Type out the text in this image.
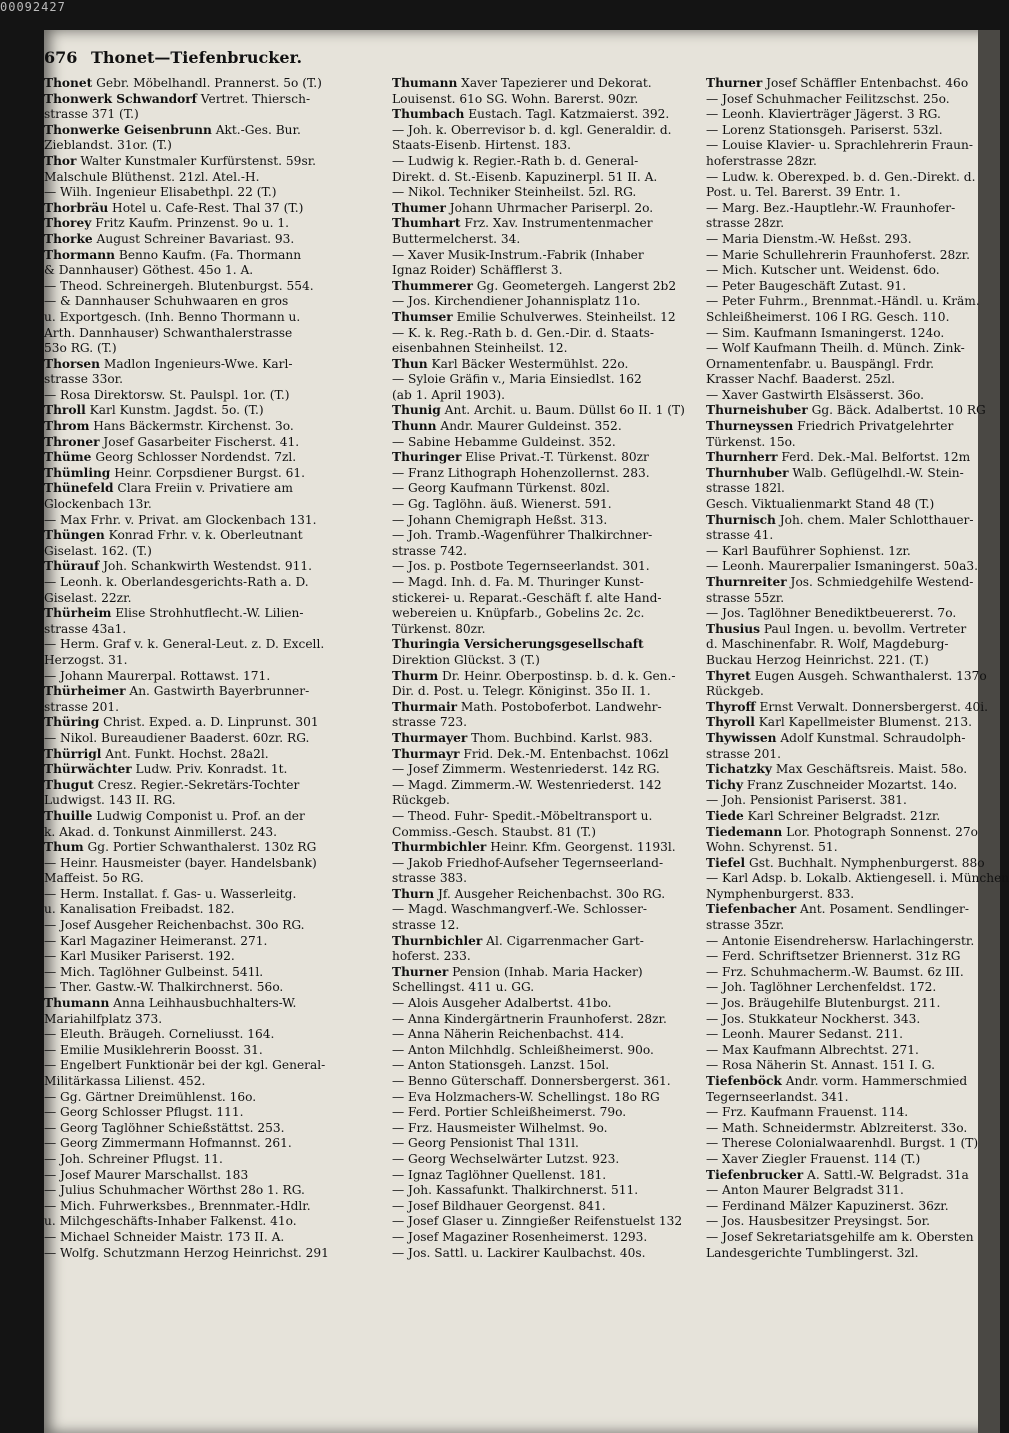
00092427
676 Thonet—Tiefenbrucker.
Thonet Gebr. Möbelhandl. Prannerst. 5o (T.)
Thonwerk Schwandorf Vertret. Thiersch-
strasse 371 (T.)
Thonwerke Geisenbrunn Akt.-Ges. Bur.
Zieblandst. 31or. (T.)
Thor Walter Kunstmaler Kurfürstenst. 59sr.
Malschule Blüthenst. 21zl. Atel.-H.
— Wilh. Ingenieur Elisabethpl. 22 (T.)
Thorbräu Hotel u. Cafe-Rest. Thal 37 (T.)
Thorey Fritz Kaufm. Prinzenst. 9o u. 1.
Thorke August Schreiner Bavariast. 93.
Thormann Benno Kaufm. (Fa. Thormann
& Dannhauser) Göthest. 45o 1. A.
— Theod. Schreinergeh. Blutenburgst. 554.
— & Dannhauser Schuhwaaren en gros
u. Exportgesch. (Inh. Benno Thormann u.
Arth. Dannhauser) Schwanthalerstrasse
53o RG. (T.)
Thorsen Madlon Ingenieurs-Wwe. Karl-
strasse 33or.
— Rosa Direktorsw. St. Paulspl. 1or. (T.)
Throll Karl Kunstm. Jagdst. 5o. (T.)
Throm Hans Bäckermstr. Kirchenst. 3o.
Throner Josef Gasarbeiter Fischerst. 41.
Thüme Georg Schlosser Nordendst. 7zl.
Thümling Heinr. Corpsdiener Burgst. 61.
Thünefeld Clara Freiin v. Privatiere am
Glockenbach 13r.
— Max Frhr. v. Privat. am Glockenbach 131.
Thüngen Konrad Frhr. v. k. Oberleutnant
Giselast. 162. (T.)
Thürauf Joh. Schankwirth Westendst. 911.
— Leonh. k. Oberlandesgerichts-Rath a. D.
Giselast. 22zr.
Thürheim Elise Strohhutflecht.-W. Lilien-
strasse 43a1.
— Herm. Graf v. k. General-Leut. z. D. Excell.
Herzogst. 31.
— Johann Maurerpal. Rottawst. 171.
Thürheimer An. Gastwirth Bayerbrunner-
strasse 201.
Thüring Christ. Exped. a. D. Linprunst. 301
— Nikol. Bureaudiener Baaderst. 60zr. RG.
Thürrigl Ant. Funkt. Hochst. 28a2l.
Thürwächter Ludw. Priv. Konradst. 1t.
Thugut Cresz. Regier.-Sekretärs-Tochter
Ludwigst. 143 II. RG.
Thuille Ludwig Componist u. Prof. an der
k. Akad. d. Tonkunst Ainmillerst. 243.
Thum Gg. Portier Schwanthalerst. 130z RG
— Heinr. Hausmeister (bayer. Handelsbank)
Maffeist. 5o RG.
— Herm. Installat. f. Gas- u. Wasserleitg.
u. Kanalisation Freibadst. 182.
— Josef Ausgeher Reichenbachst. 30o RG.
— Karl Magaziner Heimeranst. 271.
— Karl Musiker Pariserst. 192.
— Mich. Taglöhner Gulbeinst. 541l.
— Ther. Gastw.-W. Thalkirchnerst. 56o.
Thumann Anna Leihhausbuchhalters-W.
Mariahilfplatz 373.
— Eleuth. Bräugeh. Corneliusst. 164.
— Emilie Musiklehrerin Boosst. 31.
— Engelbert Funktionär bei der kgl. General-
Militärkassa Lilienst. 452.
— Gg. Gärtner Dreimühlenst. 16o.
— Georg Schlosser Pflugst. 111.
— Georg Taglöhner Schießstättst. 253.
— Georg Zimmermann Hofmannst. 261.
— Joh. Schreiner Pflugst. 11.
— Josef Maurer Marschallst. 183
— Julius Schuhmacher Wörthst 28o 1. RG.
— Mich. Fuhrwerksbes., Brennmater.-Hdlr.
u. Milchgeschäfts-Inhaber Falkenst. 41o.
— Michael Schneider Maistr. 173 II. A.
— Wolfg. Schutzmann Herzog Heinrichst. 291
Thumann Xaver Tapezierer und Dekorat.
Louisenst. 61o SG. Wohn. Barerst. 90zr.
Thumbach Eustach. Tagl. Katzmaierst. 392.
— Joh. k. Oberrevisor b. d. kgl. Generaldir. d.
Staats-Eisenb. Hirtenst. 183.
— Ludwig k. Regier.-Rath b. d. General-
Direkt. d. St.-Eisenb. Kapuzinerpl. 51 II. A.
— Nikol. Techniker Steinheilst. 5zl. RG.
Thumer Johann Uhrmacher Pariserpl. 2o.
Thumhart Frz. Xav. Instrumentenmacher
Buttermelcherst. 34.
— Xaver Musik-Instrum.-Fabrik (Inhaber
Ignaz Roider) Schäfflerst 3.
Thummerer Gg. Geometergeh. Langerst 2b2
— Jos. Kirchendiener Johannisplatz 11o.
Thumser Emilie Schulverwes. Steinheilst. 12
— K. k. Reg.-Rath b. d. Gen.-Dir. d. Staats-
eisenbahnen Steinheilst. 12.
Thun Karl Bäcker Westermühlst. 22o.
— Syloie Gräfin v., Maria Einsiedlst. 162
(ab 1. April 1903).
Thunig Ant. Archit. u. Baum. Düllst 6o II. 1 (T)
Thunn Andr. Maurer Guldeinst. 352.
— Sabine Hebamme Guldeinst. 352.
Thuringer Elise Privat.-T. Türkenst. 80zr
— Franz Lithograph Hohenzollernst. 283.
— Georg Kaufmann Türkenst. 80zl.
— Gg. Taglöhn. äuß. Wienerst. 591.
— Johann Chemigraph Heßst. 313.
— Joh. Tramb.-Wagenführer Thalkirchner-
strasse 742.
— Jos. p. Postbote Tegernseerlandst. 301.
— Magd. Inh. d. Fa. M. Thuringer Kunst-
stickerei- u. Reparat.-Geschäft f. alte Hand-
webereien u. Knüpfarb., Gobelins 2c. 2c.
Türkenst. 80zr.
Thuringia Versicherungsgesellschaft
Direktion Glückst. 3 (T.)
Thurm Dr. Heinr. Oberpostinsp. b. d. k. Gen.-
Dir. d. Post. u. Telegr. Königinst. 35o II. 1.
Thurmair Math. Postoboferbot. Landwehr-
strasse 723.
Thurmayer Thom. Buchbind. Karlst. 983.
Thurmayr Frid. Dek.-M. Entenbachst. 106zl
— Josef Zimmerm. Westenriederst. 14z RG.
— Magd. Zimmerm.-W. Westenriederst. 142
Rückgeb.
— Theod. Fuhr- Spedit.-Möbeltransport u.
Commiss.-Gesch. Staubst. 81 (T.)
Thurmbichler Heinr. Kfm. Georgenst. 1193l.
— Jakob Friedhof-Aufseher Tegernseerland-
strasse 383.
Thurn Jf. Ausgeher Reichenbachst. 30o RG.
— Magd. Waschmangverf.-We. Schlosser-
strasse 12.
Thurnbichler Al. Cigarrenmacher Gart-
hoferst. 233.
Thurner Pension (Inhab. Maria Hacker)
Schellingst. 411 u. GG.
— Alois Ausgeher Adalbertst. 41bo.
— Anna Kindergärtnerin Fraunhoferst. 28zr.
— Anna Näherin Reichenbachst. 414.
— Anton Milchhdlg. Schleißheimerst. 90o.
— Anton Stationsgeh. Lanzst. 15ol.
— Benno Güterschaff. Donnersbergerst. 361.
— Eva Holzmachers-W. Schellingst. 18o RG
— Ferd. Portier Schleißheimerst. 79o.
— Frz. Hausmeister Wilhelmst. 9o.
— Georg Pensionist Thal 131l.
— Georg Wechselwärter Lutzst. 923.
— Ignaz Taglöhner Quellenst. 181.
— Joh. Kassafunkt. Thalkirchnerst. 511.
— Josef Bildhauer Georgenst. 841.
— Josef Glaser u. Zinngießer Reifenstuelst 132
— Josef Magaziner Rosenheimerst. 1293.
— Jos. Sattl. u. Lackirer Kaulbachst. 40s.
Thurner Josef Schäffler Entenbachst. 46o
— Josef Schuhmacher Feilitzschst. 25o.
— Leonh. Klavierträger Jägerst. 3 RG.
— Lorenz Stationsgeh. Pariserst. 53zl.
— Louise Klavier- u. Sprachlehrerin Fraun-
hoferstrasse 28zr.
— Ludw. k. Oberexped. b. d. Gen.-Direkt. d.
Post. u. Tel. Barerst. 39 Entr. 1.
— Marg. Bez.-Hauptlehr.-W. Fraunhofer-
strasse 28zr.
— Maria Dienstm.-W. Heßst. 293.
— Marie Schullehrerin Fraunhoferst. 28zr.
— Mich. Kutscher unt. Weidenst. 6do.
— Peter Baugeschäft Zutast. 91.
— Peter Fuhrm., Brennmat.-Händl. u. Kräm.
Schleißheimerst. 106 I RG. Gesch. 110.
— Sim. Kaufmann Ismaningerst. 124o.
— Wolf Kaufmann Theilh. d. Münch. Zink-
Ornamentenfabr. u. Bauspängl. Frdr.
Krasser Nachf. Baaderst. 25zl.
— Xaver Gastwirth Elsässerst. 36o.
Thurneishuber Gg. Bäck. Adalbertst. 10 RG
Thurneyssen Friedrich Privatgelehrter
Türkenst. 15o.
Thurnherr Ferd. Dek.-Mal. Belfortst. 12m
Thurnhuber Walb. Geflügelhdl.-W. Stein-
strasse 182l.
Gesch. Viktualienmarkt Stand 48 (T.)
Thurnisch Joh. chem. Maler Schlotthauer-
strasse 41.
— Karl Bauführer Sophienst. 1zr.
— Leonh. Maurerpalier Ismaningerst. 50a3.
Thurnreiter Jos. Schmiedgehilfe Westend-
strasse 55zr.
— Jos. Taglöhner Benediktbeuererst. 7o.
Thusius Paul Ingen. u. bevollm. Vertreter
d. Maschinenfabr. R. Wolf, Magdeburg-
Buckau Herzog Heinrichst. 221. (T.)
Thyret Eugen Ausgeh. Schwanthalerst. 137o
Rückgeb.
Thyroff Ernst Verwalt. Donnersbergerst. 40i.
Thyroll Karl Kapellmeister Blumenst. 213.
Thywissen Adolf Kunstmal. Schraudolph-
strasse 201.
Tichatzky Max Geschäftsreis. Maist. 58o.
Tichy Franz Zuschneider Mozartst. 14o.
— Joh. Pensionist Pariserst. 381.
Tiede Karl Schreiner Belgradst. 21zr.
Tiedemann Lor. Photograph Sonnenst. 27o
Wohn. Schyrenst. 51.
Tiefel Gst. Buchhalt. Nymphenburgerst. 88o
— Karl Adsp. b. Lokalb. Aktiengesell. i. München
Nymphenburgerst. 833.
Tiefenbacher Ant. Posament. Sendlinger-
strasse 35zr.
— Antonie Eisendrehersw. Harlachingerstr.
— Ferd. Schriftsetzer Briennerst. 31z RG
— Frz. Schuhmacherm.-W. Baumst. 6z III.
— Joh. Taglöhner Lerchenfeldst. 172.
— Jos. Bräugehilfe Blutenburgst. 211.
— Jos. Stukkateur Nockherst. 343.
— Leonh. Maurer Sedanst. 211.
— Max Kaufmann Albrechtst. 271.
— Rosa Näherin St. Annast. 151 I. G.
Tiefenböck Andr. vorm. Hammerschmied
Tegernseerlandst. 341.
— Frz. Kaufmann Frauenst. 114.
— Math. Schneidermstr. Ablzreiterst. 33o.
— Therese Colonialwaarenhdl. Burgst. 1 (T)
— Xaver Ziegler Frauenst. 114 (T.)
Tiefenbrucker A. Sattl.-W. Belgradst. 31a
— Anton Maurer Belgradst 311.
— Ferdinand Mälzer Kapuzinerst. 36zr.
— Jos. Hausbesitzer Preysingst. 5or.
— Josef Sekretariatsgehilfe am k. Obersten
Landesgerichte Tumblingerst. 3zl.
